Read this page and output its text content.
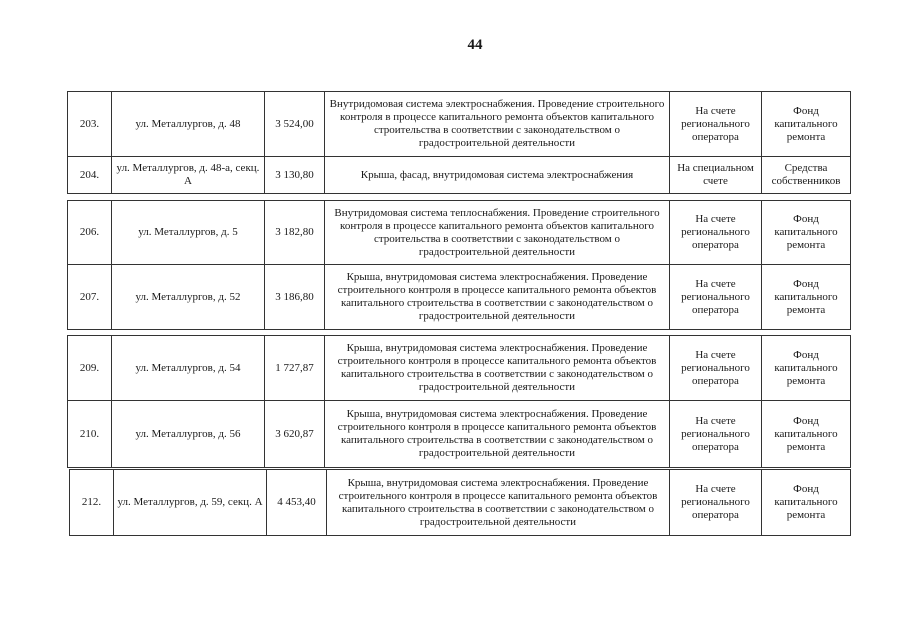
44
203.	ул. Металлургов, д. 48	3 524,00	Внутридомовая система электроснабжения. Проведение строительного контроля в процессе капитального ремонта объектов капитального строительства в соответствии с законодательством о градостроительной деятельности	На счете регионального оператора	Фонд капитального ремонта
204.	ул. Металлургов, д. 48-а, секц. А	3 130,80	Крыша, фасад, внутридомовая система электроснабжения	На специальном счете	Средства собственников
206.	ул. Металлургов, д. 5	3 182,80	Внутридомовая система теплоснабжения. Проведение строительного контроля в процессе капитального ремонта объектов капитального строительства в соответствии с законодательством о градостроительной деятельности	На счете регионального оператора	Фонд капитального ремонта
207.	ул. Металлургов, д. 52	3 186,80	Крыша, внутридомовая система электроснабжения. Проведение строительного контроля в процессе капитального ремонта объектов капитального строительства в соответствии с законодательством о градостроительной деятельности	На счете регионального оператора	Фонд капитального ремонта
209.	ул. Металлургов, д. 54	1 727,87	Крыша, внутридомовая система электроснабжения. Проведение строительного контроля в процессе капитального ремонта объектов капитального строительства в соответствии с законодательством о градостроительной деятельности	На счете регионального оператора	Фонд капитального ремонта
210.	ул. Металлургов, д. 56	3 620,87	Крыша, внутридомовая система электроснабжения. Проведение строительного контроля в процессе капитального ремонта объектов капитального строительства в соответствии с законодательством о градостроительной деятельности	На счете регионального оператора	Фонд капитального ремонта
212.	ул. Металлургов, д. 59, секц. А	4 453,40	Крыша, внутридомовая система электроснабжения. Проведение строительного контроля в процессе капитального ремонта объектов капитального строительства в соответствии с законодательством о градостроительной деятельности	На счете регионального оператора	Фонд капитального ремонта
